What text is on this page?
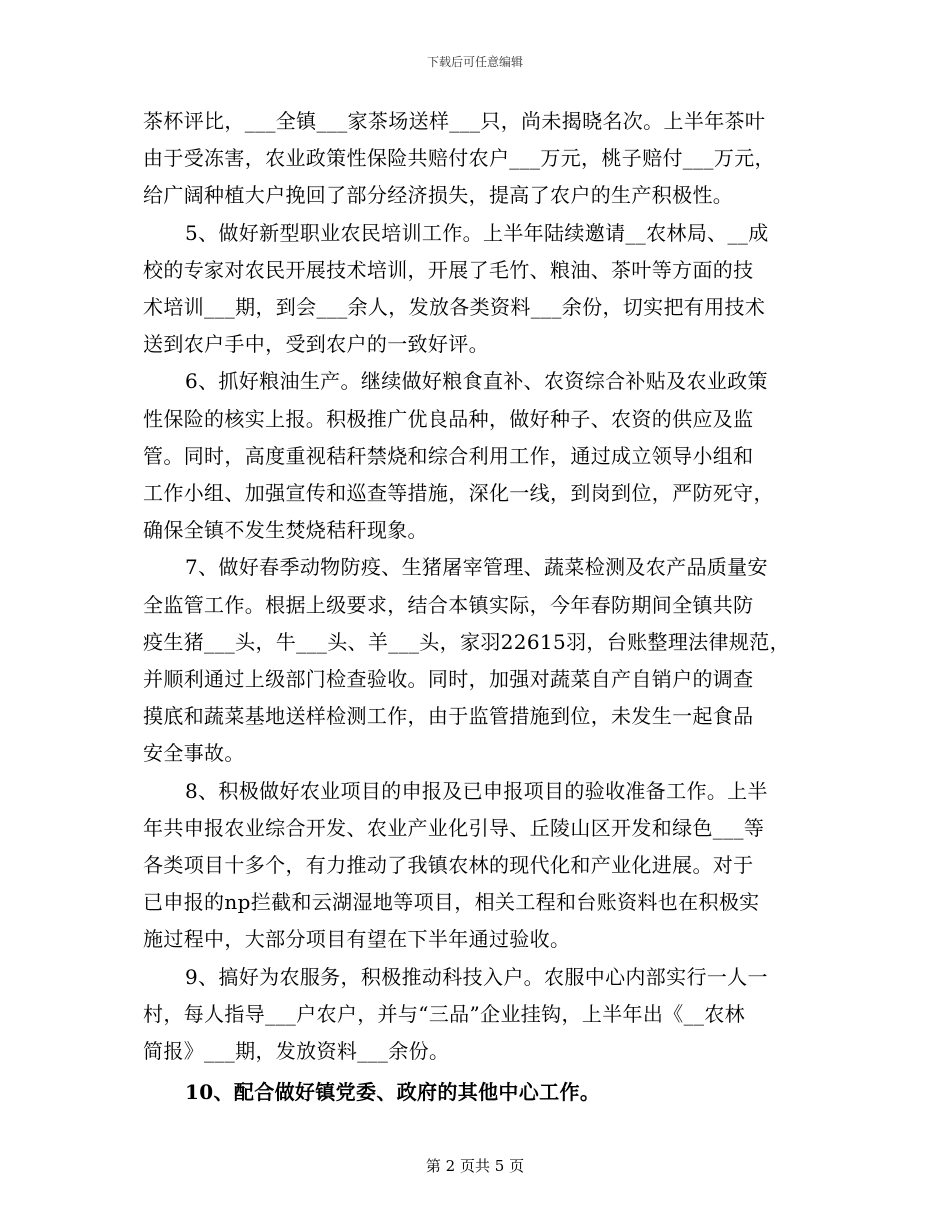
下载后可任意编辑

茶杯评比，___全镇___家茶场送样___只，尚未揭晓名次。上半年茶叶
由于受冻害，农业政策性保险共赔付农户___万元，桃子赔付___万元，
给广阔种植大户挽回了部分经济损失，提高了农户的生产积极性。

5、做好新型职业农民培训工作。上半年陆续邀请__农林局、__成
校的专家对农民开展技术培训，开展了毛竹、粮油、茶叶等方面的技
术培训___期，到会___余人，发放各类资料___余份，切实把有用技术
送到农户手中，受到农户的一致好评。

6、抓好粮油生产。继续做好粮食直补、农资综合补贴及农业政策
性保险的核实上报。积极推广优良品种，做好种子、农资的供应及监
管。同时，高度重视秸秆禁烧和综合利用工作，通过成立领导小组和
工作小组、加强宣传和巡查等措施，深化一线，到岗到位，严防死守，
确保全镇不发生焚烧秸秆现象。

7、做好春季动物防疫、生猪屠宰管理、蔬菜检测及农产品质量安
全监管工作。根据上级要求，结合本镇实际，今年春防期间全镇共防
疫生猪___头，牛___头、羊___头，家羽22615羽，台账整理法律规范，
并顺利通过上级部门检查验收。同时，加强对蔬菜自产自销户的调查
摸底和蔬菜基地送样检测工作，由于监管措施到位，未发生一起食品
安全事故。

8、积极做好农业项目的申报及已申报项目的验收准备工作。上半
年共申报农业综合开发、农业产业化引导、丘陵山区开发和绿色___等
各类项目十多个，有力推动了我镇农林的现代化和产业化进展。对于
已申报的np拦截和云湖湿地等项目，相关工程和台账资料也在积极实
施过程中，大部分项目有望在下半年通过验收。

9、搞好为农服务，积极推动科技入户。农服中心内部实行一人一
村，每人指导___户农户，并与“三品”企业挂钩，上半年出《__农林
简报》___期，发放资料___余份。

10、配合做好镇党委、政府的其他中心工作。

第 2 页共 5 页
